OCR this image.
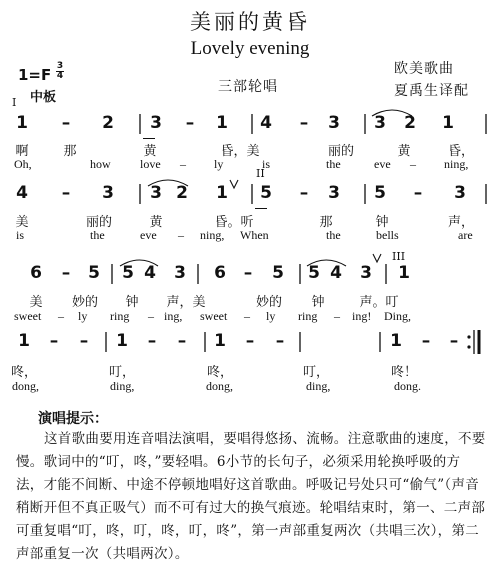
美丽的黄昏
Lovely evening
1=F 3
4
中板
三部轮唱
欧美歌曲
夏禹生译配
I
II
III
1 – 2 3 – 1 4 – 3 3 2 1
啊	那	黄	昏，美	丽的	黄	昏，
Oh,	how love – ly	is	the	eve – ning,
4 – 3 3 2 1 5 – 3 5 – 3
美	丽的	黄	昏。听	那	钟	声，
is	the	eve – ning, When	the	bells	are
6 – 5 5 4 3 6 – 5 5 4 3 1
美	妙的	钟	声，美	妙的	钟	声。叮
sweet – ly ring – ing, sweet – ly ring – ing! Ding,
1 – – 1 – – 1 – –	1 – –
咚，	叮，	咚，	叮，	咚！
dong,	ding,	dong,	ding,	dong.
演唱提示：
这首歌曲要用连音唱法演唱，要唱得悠扬、流畅。注意歌曲的速度，不要慢。歌词中的“叮，咚，”要轻唱。6小节的长句子，必须采用轮换呼吸的方法，才能不间断、中途不停顿地唱好这首歌曲。呼吸记号处只可“偷气”（声音稍断开但不真正吸气）而不可有过大的换气痕迹。轮唱结束时，第一、二声部可重复唱“叮，咚，叮，咚，叮，咚”，第一声部重复两次（共唱三次），第二声部重复一次（共唱两次）。
